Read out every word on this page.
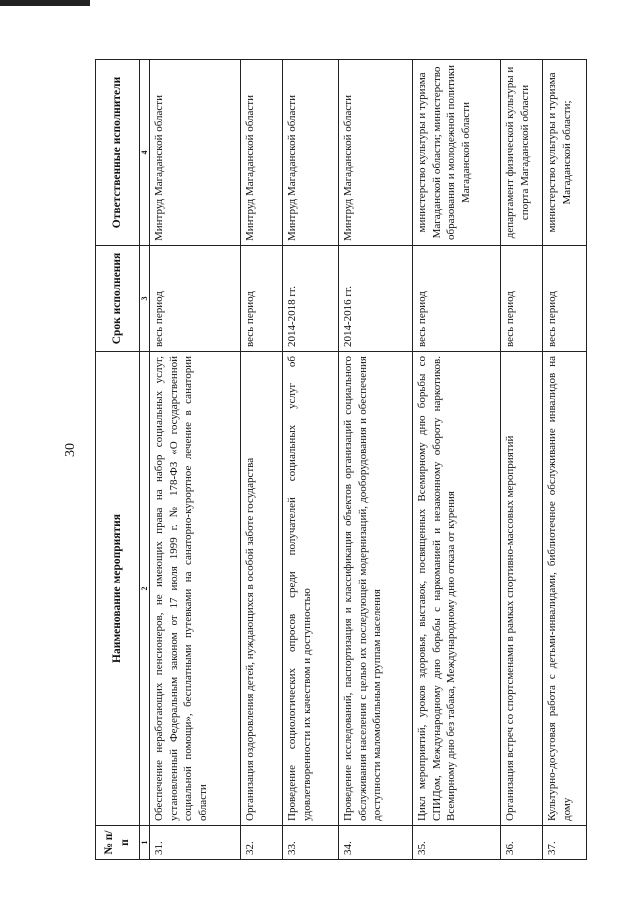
30
№ п/п	Наименование мероприятия	Срок исполнения	Ответственные исполнители
1	2	3	4
31.	Обеспечение неработающих пенсионеров, не имеющих права на набор социальных услуг, установленный Федеральным законом от 17 июля 1999 г. № 178-ФЗ «О государственной социальной помощи», бесплатными путевками на санаторно-курортное лечение в санатории области	весь период	Минтруд Магаданской области
32.	Организация оздоровления детей, нуждающихся в особой заботе государства	весь период	Минтруд Магаданской области
33.	Проведение социологических опросов среди получателей социальных услуг об удовлетворенности их качеством и доступностью	2014-2018 гг.	Минтруд Магаданской области
34.	Проведение исследований, паспортизация и классификация объектов организаций социального обслуживания населения с целью их последующей модернизаций, дооборудования и обеспечения доступности маломобильным группам населения	2014-2016 гг.	Минтруд Магаданской области
35.	Цикл мероприятий, уроков здоровья, выставок, посвященных Всемирному дню борьбы со СПИДом, Международному дню борьбы с наркоманией и незаконному обороту наркотиков. Всемирному дню без табака, Международному дню отказа от курения	весь период	министерство культуры и туризма Магаданской области; министерство образования и молодежной политики Магаданской области
36.	Организация встреч со спортсменами в рамках спортивно-массовых мероприятий	весь период	департамент физической культуры и спорта Магаданской области
37.	Культурно-досуговая работа с детьми-инвалидами, библиотечное обслуживание инвалидов на дому	весь период	министерство культуры и туризма Магаданской области;
